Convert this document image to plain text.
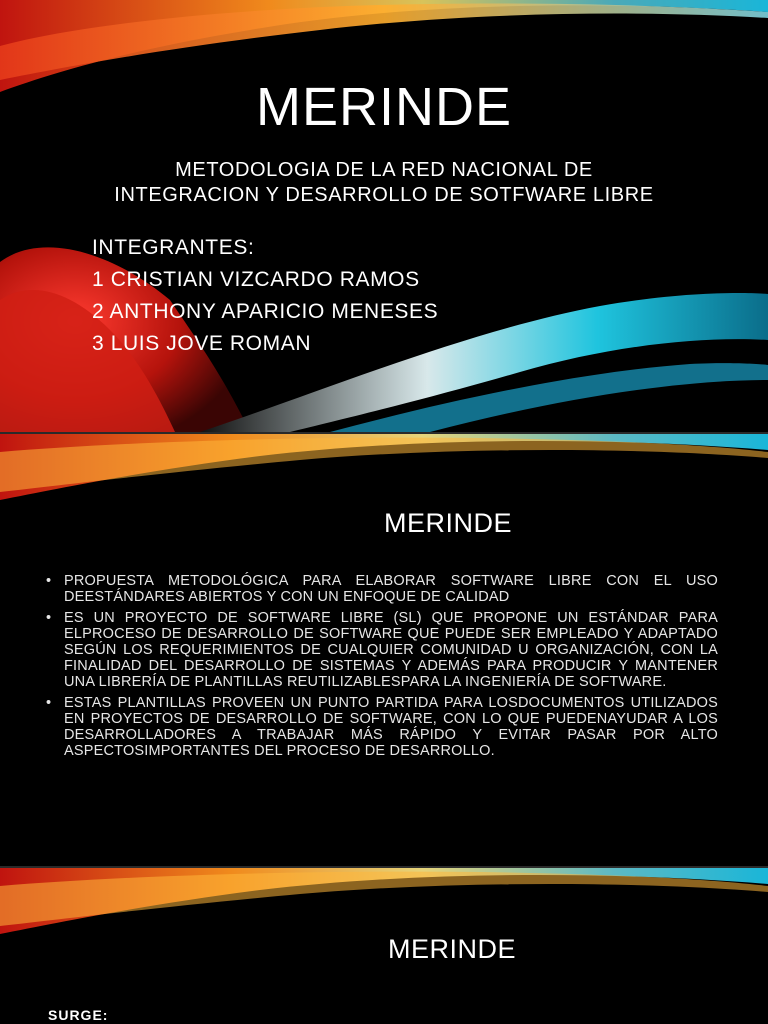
MERINDE
METODOLOGIA DE LA RED NACIONAL DE
INTEGRACION Y DESARROLLO DE SOTFWARE LIBRE
INTEGRANTES:
1 CRISTIAN VIZCARDO RAMOS
2 ANTHONY APARICIO MENESES
3 LUIS JOVE ROMAN
MERINDE
• PROPUESTA METODOLÓGICA PARA ELABORAR SOFTWARE LIBRE CON EL USO DEESTÁNDARES ABIERTOS Y CON UN ENFOQUE DE CALIDAD
• ES UN PROYECTO DE SOFTWARE LIBRE (SL) QUE PROPONE UN ESTÁNDAR PARA ELPROCESO DE DESARROLLO DE SOFTWARE QUE PUEDE SER EMPLEADO Y ADAPTADO SEGÚN LOS REQUERIMIENTOS DE CUALQUIER COMUNIDAD U ORGANIZACIÓN, CON LA FINALIDAD DEL DESARROLLO DE SISTEMAS Y ADEMÁS PARA PRODUCIR Y MANTENER UNA LIBRERÍA DE PLANTILLAS REUTILIZABLESPARA LA INGENIERÍA DE SOFTWARE.
• ESTAS PLANTILLAS PROVEEN UN PUNTO PARTIDA PARA LOSDOCUMENTOS UTILIZADOS EN PROYECTOS DE DESARROLLO DE SOFTWARE, CON LO QUE PUEDENAYUDAR A LOS DESARROLLADORES A TRABAJAR MÁS RÁPIDO Y EVITAR PASAR POR ALTO ASPECTOSIMPORTANTES DEL PROCESO DE DESARROLLO.
MERINDE
SURGE:
